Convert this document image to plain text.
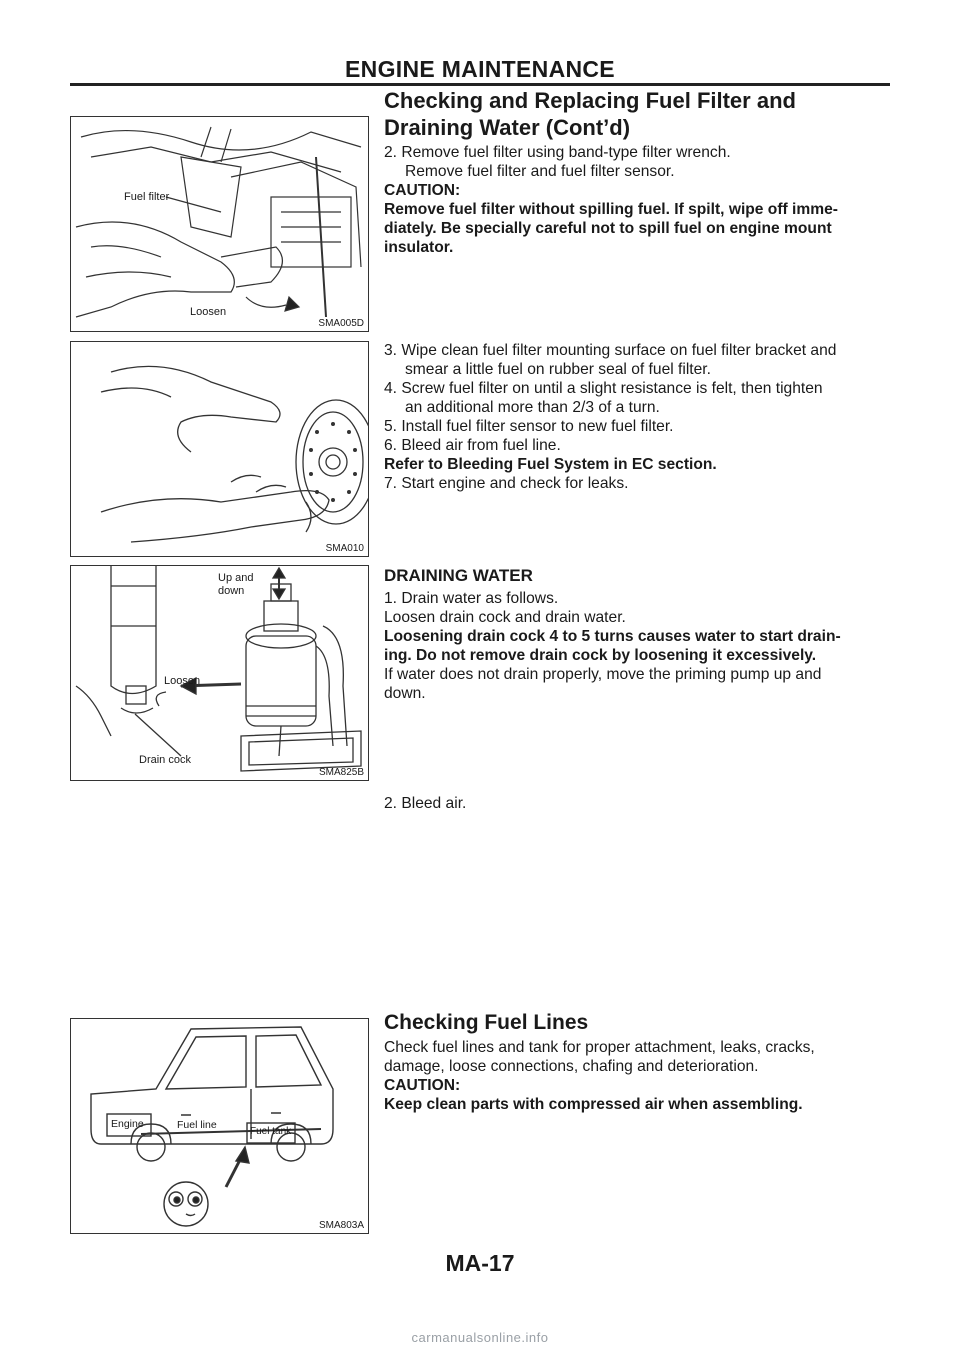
ENGINE MAINTENANCE
Checking and Replacing Fuel Filter and
Draining Water (Cont’d)
Fuel filter
Loosen
SMA005D

2. Remove fuel filter using band-type filter wrench.

Remove fuel filter and fuel filter sensor.

CAUTION:

Remove fuel filter without spilling fuel. If spilt, wipe off imme-

diately. Be specially careful not to spill fuel on engine mount

insulator.

SMA010

3. Wipe clean fuel filter mounting surface on fuel filter bracket and

smear a little fuel on rubber seal of fuel filter.

4. Screw fuel filter on until a slight resistance is felt, then tighten

an additional more than 2/3 of a turn.

5. Install fuel filter sensor to new fuel filter.

6. Bleed air from fuel line.

Refer to Bleeding Fuel System in EC section.

7. Start engine and check for leaks.

Up and
down
Loosen
Drain cock
SMA825B

DRAINING WATER

1. Drain water as follows.

Loosen drain cock and drain water.

Loosening drain cock 4 to 5 turns causes water to start drain-

ing. Do not remove drain cock by loosening it excessively.

If water does not drain properly, move the priming pump up and

down.

2. Bleed air.
Engine	Fuel line
Fuel tank
SMA803A

Checking Fuel Lines

Check fuel lines and tank for proper attachment, leaks, cracks,

damage, loose connections, chafing and deterioration.

CAUTION:

Keep clean parts with compressed air when assembling.

MA-17
carmanualsonline.info
